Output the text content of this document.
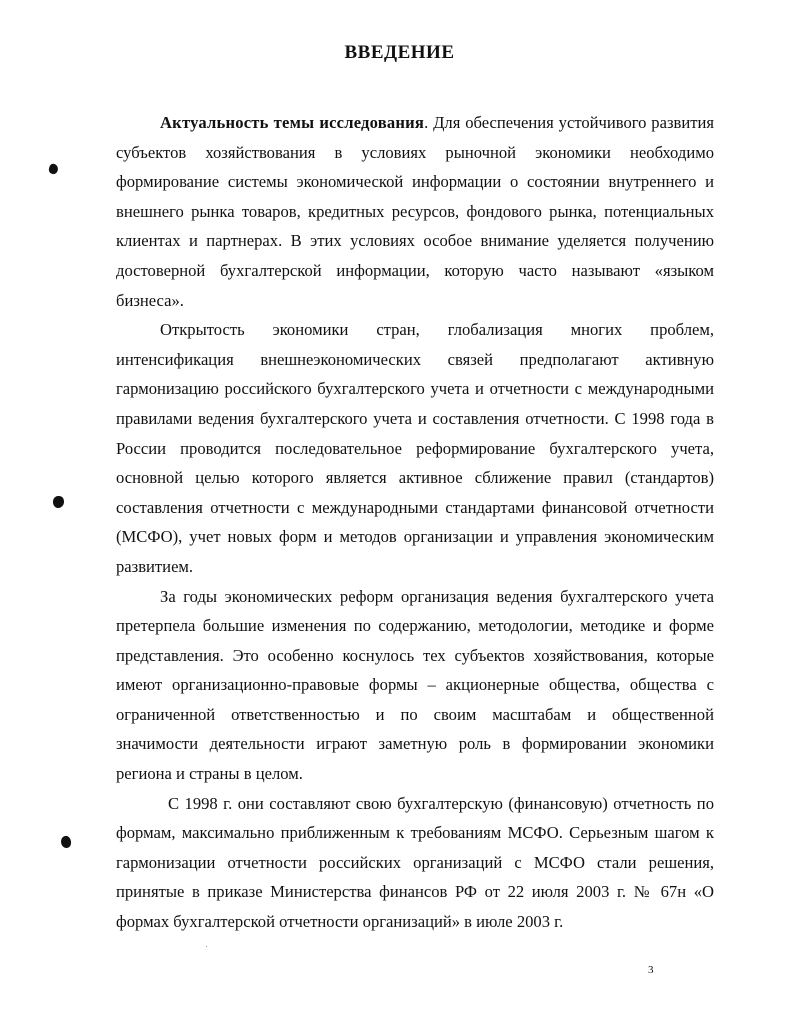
ВВЕДЕНИЕ

Актуальность темы исследования. Для обеспечения устойчивого развития субъектов хозяйствования в условиях рыночной экономики необходимо формирование системы экономической информации о состоянии внутреннего и внешнего рынка товаров, кредитных ресурсов, фондового рынка, потенциальных клиентах и партнерах. В этих условиях особое внимание уделяется получению достоверной бухгалтерской информации, которую часто называют «языком бизнеса».

Открытость экономики стран, глобализация многих проблем, интенсификация внешнеэкономических связей предполагают активную гармонизацию российского бухгалтерского учета и отчетности с международными правилами ведения бухгалтерского учета и составления отчетности. С 1998 года в России проводится последовательное реформирование бухгалтерского учета, основной целью которого является активное сближение правил (стандартов) составления отчетности с международными стандартами финансовой отчетности (МСФО), учет новых форм и методов организации и управления экономическим развитием.

За годы экономических реформ организация ведения бухгалтерского учета претерпела большие изменения по содержанию, методологии, методике и форме представления. Это особенно коснулось тех субъектов хозяйствования, которые имеют организационно-правовые формы – акционерные общества, общества с ограниченной ответственностью и по своим масштабам и общественной значимости деятельности играют заметную роль в формировании экономики региона и страны в целом.

С 1998 г. они составляют свою бухгалтерскую (финансовую) отчетность по формам, максимально приближенным к требованиям МСФО. Серьезным шагом к гармонизации отчетности российских организаций с МСФО стали решения, принятые в приказе Министерства финансов РФ от 22 июля 2003 г. № 67н «О формах бухгалтерской отчетности организаций» в июле 2003 г.

3
